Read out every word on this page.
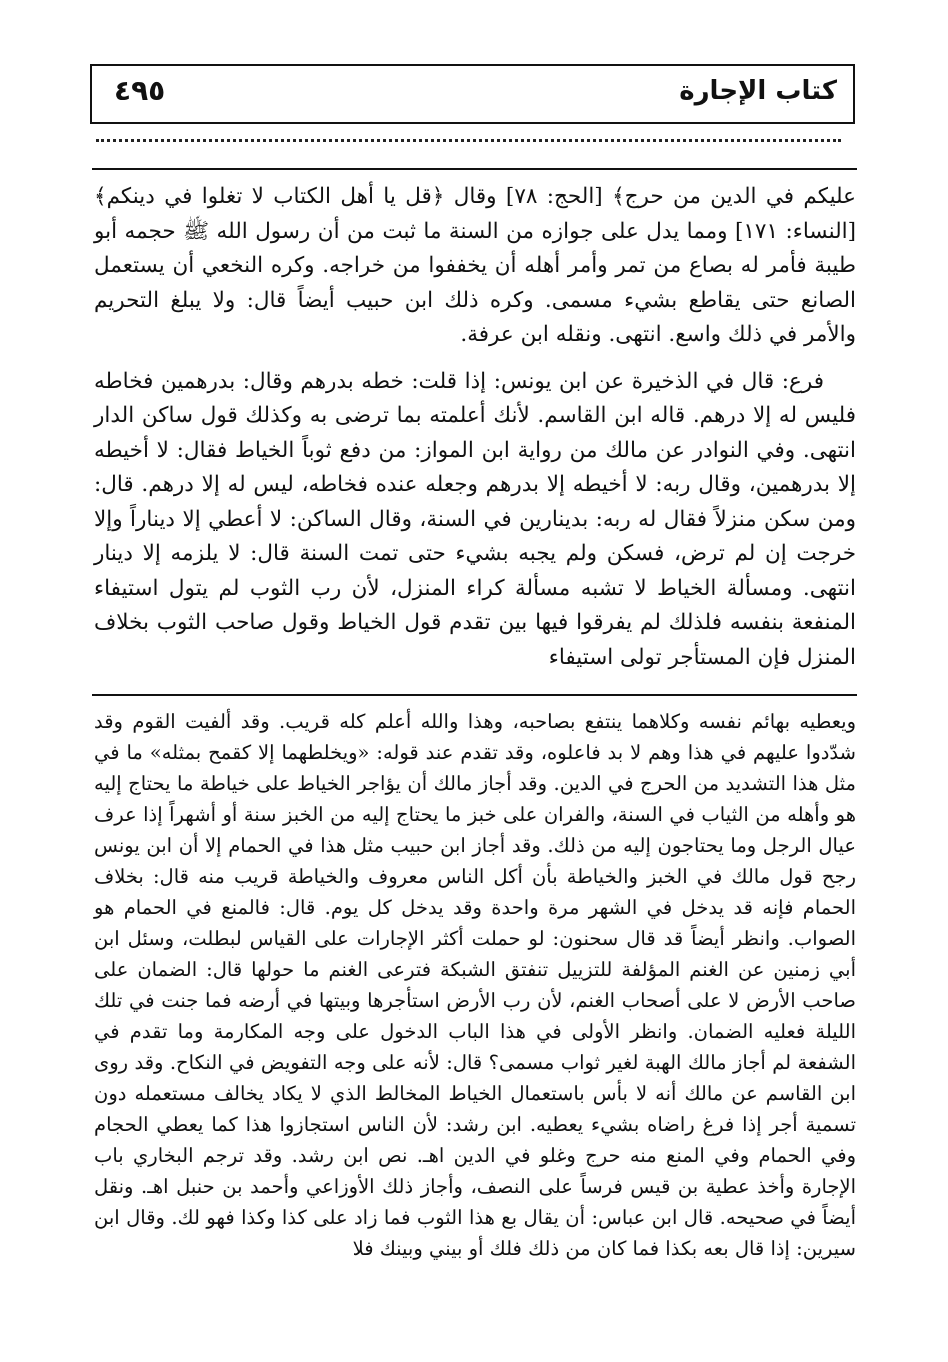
كتاب الإجارة
٤٩٥

عليكم في الدين من حرج﴾ [الحج: ٧٨] وقال ﴿قل يا أهل الكتاب لا تغلوا في دينكم﴾ [النساء: ١٧١] ومما يدل على جوازه من السنة ما ثبت من أن رسول الله ﷺ حجمه أبو طيبة فأمر له بصاع من تمر وأمر أهله أن يخففوا من خراجه. وكره النخعي أن يستعمل الصانع حتى يقاطع بشيء مسمى. وكره ذلك ابن حبيب أيضاً قال: ولا يبلغ التحريم والأمر في ذلك واسع. انتهى. ونقله ابن عرفة.

فرع: قال في الذخيرة عن ابن يونس: إذا قلت: خطه بدرهم وقال: بدرهمين فخاطه فليس له إلا درهم. قاله ابن القاسم. لأنك أعلمته بما ترضى به وكذلك قول ساكن الدار انتهى. وفي النوادر عن مالك من رواية ابن المواز: من دفع ثوباً الخياط فقال: لا أخيطه إلا بدرهمين، وقال ربه: لا أخيطه إلا بدرهم وجعله عنده فخاطه، ليس له إلا درهم. قال: ومن سكن منزلاً فقال له ربه: بدينارين في السنة، وقال الساكن: لا أعطي إلا ديناراً وإلا خرجت إن لم ترض، فسكن ولم يجبه بشيء حتى تمت السنة قال: لا يلزمه إلا دينار انتهى. ومسألة الخياط لا تشبه مسألة كراء المنزل، لأن رب الثوب لم يتول استيفاء المنفعة بنفسه فلذلك لم يفرقوا فيها بين تقدم قول الخياط وقول صاحب الثوب بخلاف المنزل فإن المستأجر تولى استيفاء

ويعطيه بهائم نفسه وكلاهما ينتفع بصاحبه، وهذا والله أعلم كله قريب. وقد ألفيت القوم وقد شدّدوا عليهم في هذا وهم لا بد فاعلوه، وقد تقدم عند قوله: «ويخلطهما إلا كقمح بمثله» ما في مثل هذا التشديد من الحرج في الدين. وقد أجاز مالك أن يؤاجر الخياط على خياطة ما يحتاج إليه هو وأهله من الثياب في السنة، والفران على خبز ما يحتاج إليه من الخبز سنة أو أشهراً إذا عرف عيال الرجل وما يحتاجون إليه من ذلك. وقد أجاز ابن حبيب مثل هذا في الحمام إلا أن ابن يونس رجح قول مالك في الخبز والخياطة بأن أكل الناس معروف والخياطة قريب منه قال: بخلاف الحمام فإنه قد يدخل في الشهر مرة واحدة وقد يدخل كل يوم. قال: فالمنع في الحمام هو الصواب. وانظر أيضاً قد قال سحنون: لو حملت أكثر الإجارات على القياس لبطلت، وسئل ابن أبي زمنين عن الغنم المؤلفة للتزييل تنفتق الشبكة فترعى الغنم ما حولها قال: الضمان على صاحب الأرض لا على أصحاب الغنم، لأن رب الأرض استأجرها وبيتها في أرضه فما جنت في تلك الليلة فعليه الضمان. وانظر الأولى في هذا الباب الدخول على وجه المكارمة وما تقدم في الشفعة لم أجاز مالك الهبة لغير ثواب مسمى؟ قال: لأنه على وجه التفويض في النكاح. وقد روى ابن القاسم عن مالك أنه لا بأس باستعمال الخياط المخالط الذي لا يكاد يخالف مستعمله دون تسمية أجر إذا فرغ راضاه بشيء يعطيه. ابن رشد: لأن الناس استجازوا هذا كما يعطي الحجام وفي الحمام وفي المنع منه حرج وغلو في الدين اهـ. نص ابن رشد. وقد ترجم البخاري باب الإجارة وأخذ عطية بن قيس فرساً على النصف، وأجاز ذلك الأوزاعي وأحمد بن حنبل اهـ. ونقل أيضاً في صحيحه. قال ابن عباس: أن يقال بع هذا الثوب فما زاد على كذا وكذا فهو لك. وقال ابن سيرين: إذا قال بعه بكذا فما كان من ذلك فلك أو بيني وبينك فلا
